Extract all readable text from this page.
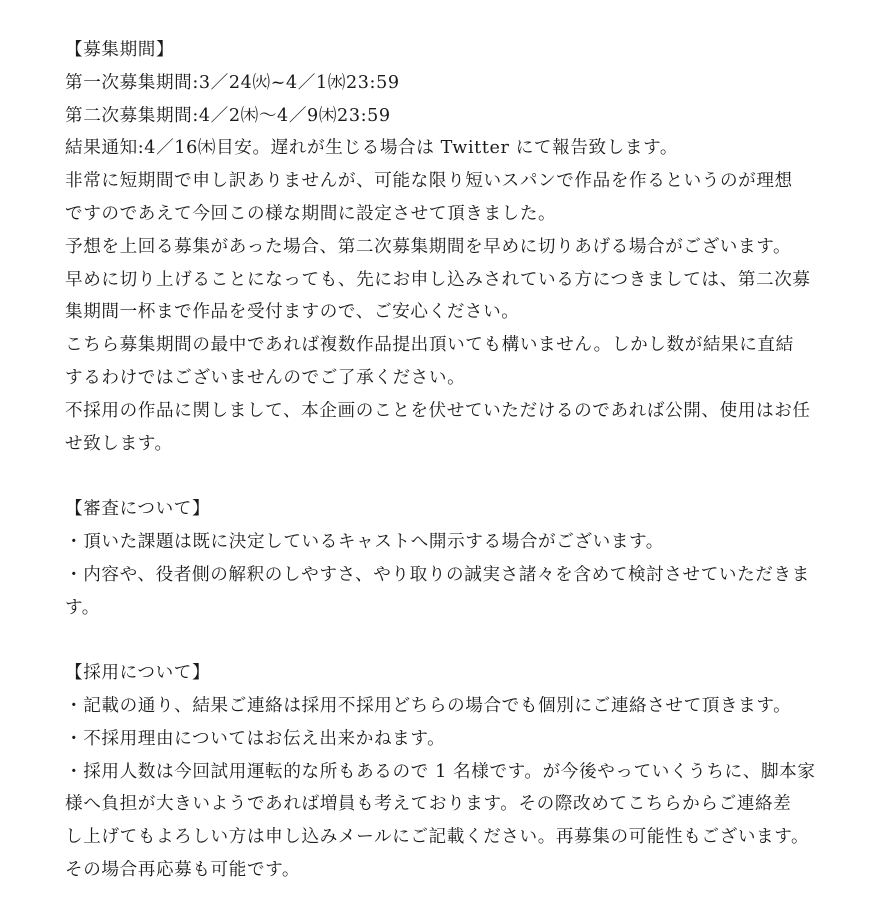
【募集期間】
第一次募集期間:3／24㈫~4／1㈬23:59
第二次募集期間:4／2㈭〜4／9㈭23:59
結果通知:4／16㈭目安。遅れが生じる場合は Twitter にて報告致します。
非常に短期間で申し訳ありませんが、可能な限り短いスパンで作品を作るというのが理想
ですのであえて今回この様な期間に設定させて頂きました。
予想を上回る募集があった場合、第二次募集期間を早めに切りあげる場合がございます。
早めに切り上げることになっても、先にお申し込みされている方につきましては、第二次募
集期間一杯まで作品を受付ますので、ご安心ください。
こちら募集期間の最中であれば複数作品提出頂いても構いません。しかし数が結果に直結
するわけではございませんのでご了承ください。
不採用の作品に関しまして、本企画のことを伏せていただけるのであれば公開、使用はお任
せ致します。
【審査について】
・頂いた課題は既に決定しているキャストへ開示する場合がございます。
・内容や、役者側の解釈のしやすさ、やり取りの誠実さ諸々を含めて検討させていただきま
す。
【採用について】
・記載の通り、結果ご連絡は採用不採用どちらの場合でも個別にご連絡させて頂きます。
・不採用理由についてはお伝え出来かねます。
・採用人数は今回試用運転的な所もあるので 1 名様です。が今後やっていくうちに、脚本家
様へ負担が大きいようであれば増員も考えております。その際改めてこちらからご連絡差
し上げてもよろしい方は申し込みメールにご記載ください。再募集の可能性もございます。
その場合再応募も可能です。
